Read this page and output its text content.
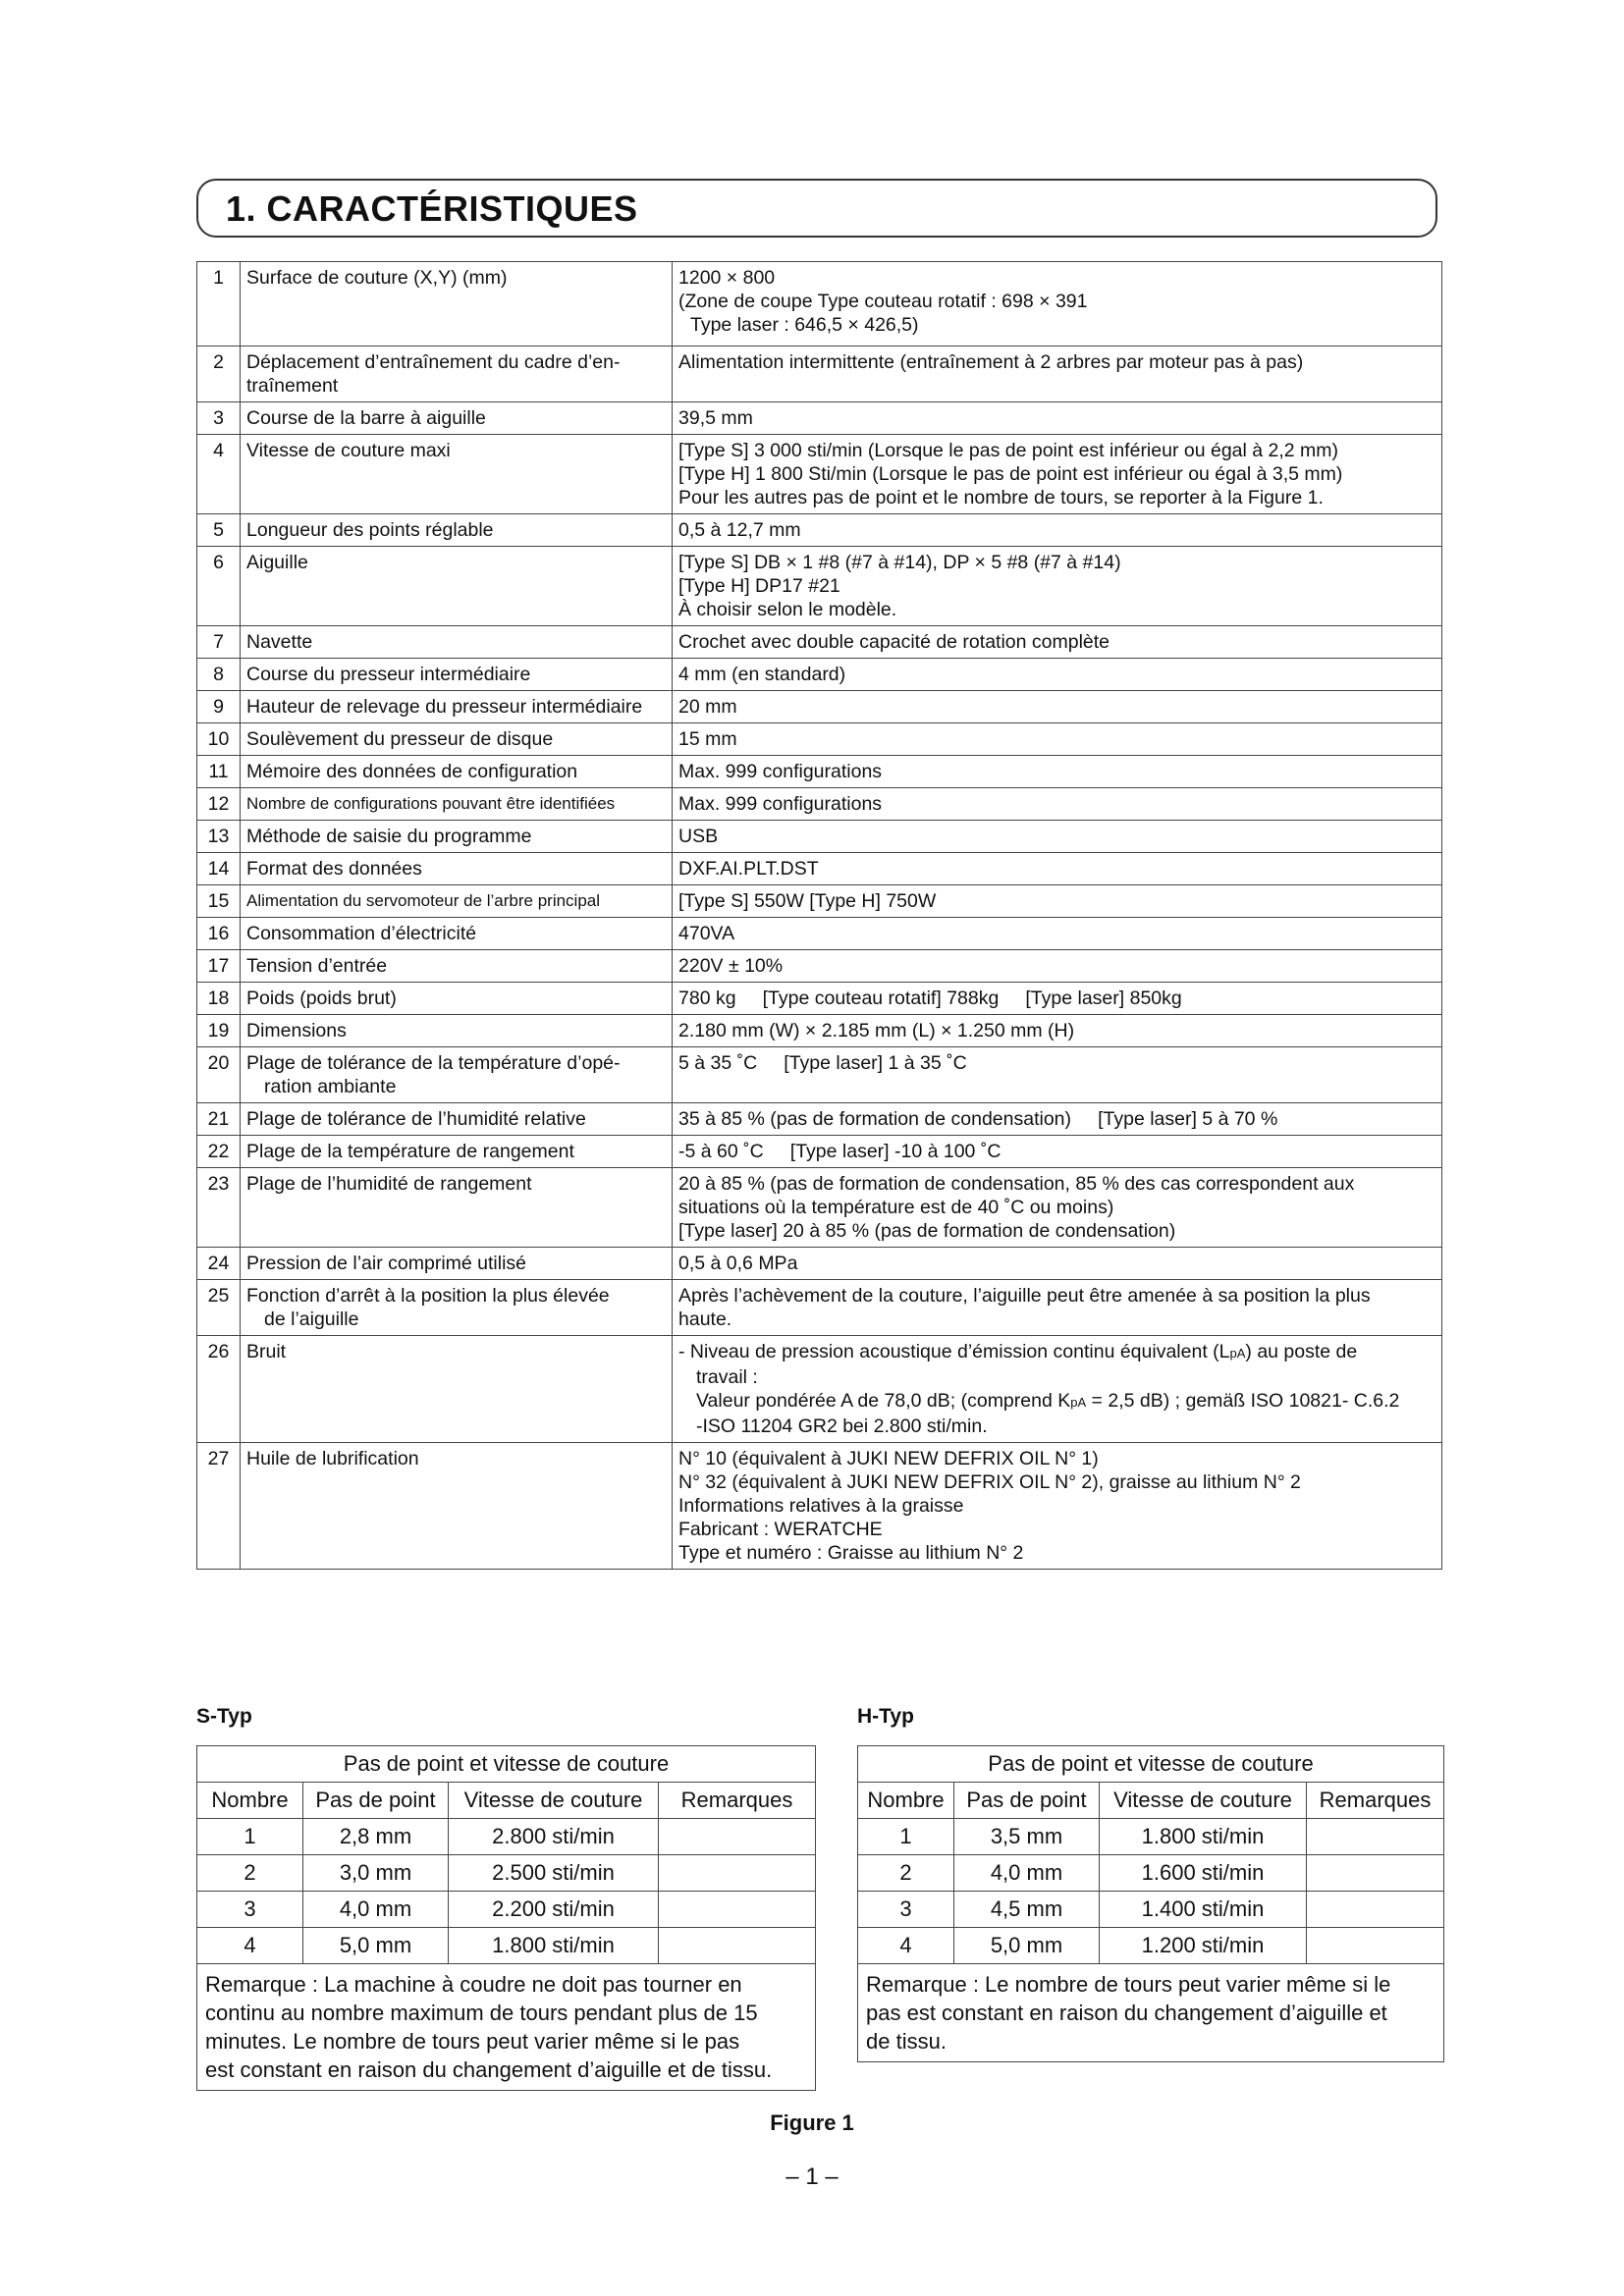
1. CARACTÉRISTIQUES
1	Surface de couture (X,Y) (mm)	1200 × 800
(Zone de coupe Type couteau rotatif : 698 × 391
Type laser : 646,5 × 426,5)

2	Déplacement d’entraînement du cadre d’en-
traînement	Alimentation intermittente (entraînement à 2 arbres par moteur pas à pas)
3	Course de la barre à aiguille	39,5 mm
4	Vitesse de couture maxi	[Type S] 3 000 sti/min (Lorsque le pas de point est inférieur ou égal à 2,2 mm)
[Type H] 1 800 Sti/min (Lorsque le pas de point est inférieur ou égal à 3,5 mm)
Pour les autres pas de point et le nombre de tours, se reporter à la Figure 1.

5	Longueur des points réglable	0,5 à 12,7 mm
6	Aiguille	[Type S] DB × 1 #8 (#7 à #14), DP × 5 #8 (#7 à #14)
[Type H] DP17 #21
À choisir selon le modèle.

7	Navette	Crochet avec double capacité de rotation complète
8	Course du presseur intermédiaire	4 mm (en standard)
9	Hauteur de relevage du presseur intermédiaire	20 mm
10	Soulèvement du presseur de disque	15 mm
11	Mémoire des données de configuration	Max. 999 configurations
12	Nombre de configurations pouvant être identifiées	Max. 999 configurations
13	Méthode de saisie du programme	USB
14	Format des données	DXF.AI.PLT.DST
15	Alimentation du servomoteur de l’arbre principal	[Type S] 550W [Type H] 750W
16	Consommation d’électricité	470VA
17	Tension d’entrée	220V ± 10%
18	Poids (poids brut)	780 kg     [Type couteau rotatif] 788kg     [Type laser] 850kg
19	Dimensions	2.180 mm (W) × 2.185 mm (L) × 1.250 mm (H)
20	Plage de tolérance de la température d’opé-
ration ambiante	5 à 35 ˚C     [Type laser] 1 à 35 ˚C
21	Plage de tolérance de l’humidité relative	35 à 85 % (pas de formation de condensation)     [Type laser] 5 à 70 %
22	Plage de la température de rangement	-5 à 60 ˚C     [Type laser] -10 à 100 ˚C
23	Plage de l’humidité de rangement	20 à 85 % (pas de formation de condensation, 85 % des cas correspondent aux
situations où la température est de 40 ˚C ou moins)
[Type laser] 20 à 85 % (pas de formation de condensation)

24	Pression de l’air comprimé utilisé	0,5 à 0,6 MPa
25	Fonction d’arrêt à la position la plus élevée
de l’aiguille	Après l’achèvement de la couture, l’aiguille peut être amenée à sa position la plus
haute.

26	Bruit	- Niveau de pression acoustique d’émission continu équivalent (LpA) au poste de
travail :
Valeur pondérée A de 78,0 dB; (comprend KpA = 2,5 dB) ; gemäß ISO 10821- C.6.2
-ISO 11204 GR2 bei 2.800 sti/min.

27	Huile de lubrification	N° 10 (équivalent à JUKI NEW DEFRIX OIL N° 1)
N° 32 (équivalent à JUKI NEW DEFRIX OIL N° 2), graisse au lithium N° 2
Informations relatives à la graisse
Fabricant : WERATCHE
Type et numéro : Graisse au lithium N° 2
S-Typ
Pas de point et vitesse de couture			
Nombre	Pas de point	Vitesse de couture	Remarques
1	2,8 mm	2.800 sti/min	
2	3,0 mm	2.500 sti/min	
3	4,0 mm	2.200 sti/min	
4	5,0 mm	1.800 sti/min	

Remarque : La machine à coudre ne doit pas tourner en
continu au nombre maximum de tours pendant plus de 15
minutes. Le nombre de tours peut varier même si le pas
est constant en raison du changement d’aiguille et de tissu.			
H-Typ
Pas de point et vitesse de couture			
Nombre	Pas de point	Vitesse de couture	Remarques
1	3,5 mm	1.800 sti/min	
2	4,0 mm	1.600 sti/min	
3	4,5 mm	1.400 sti/min	
4	5,0 mm	1.200 sti/min	

Remarque : Le nombre de tours peut varier même si le
pas est constant en raison du changement d’aiguille et
de tissu.			
Figure 1
– 1 –
